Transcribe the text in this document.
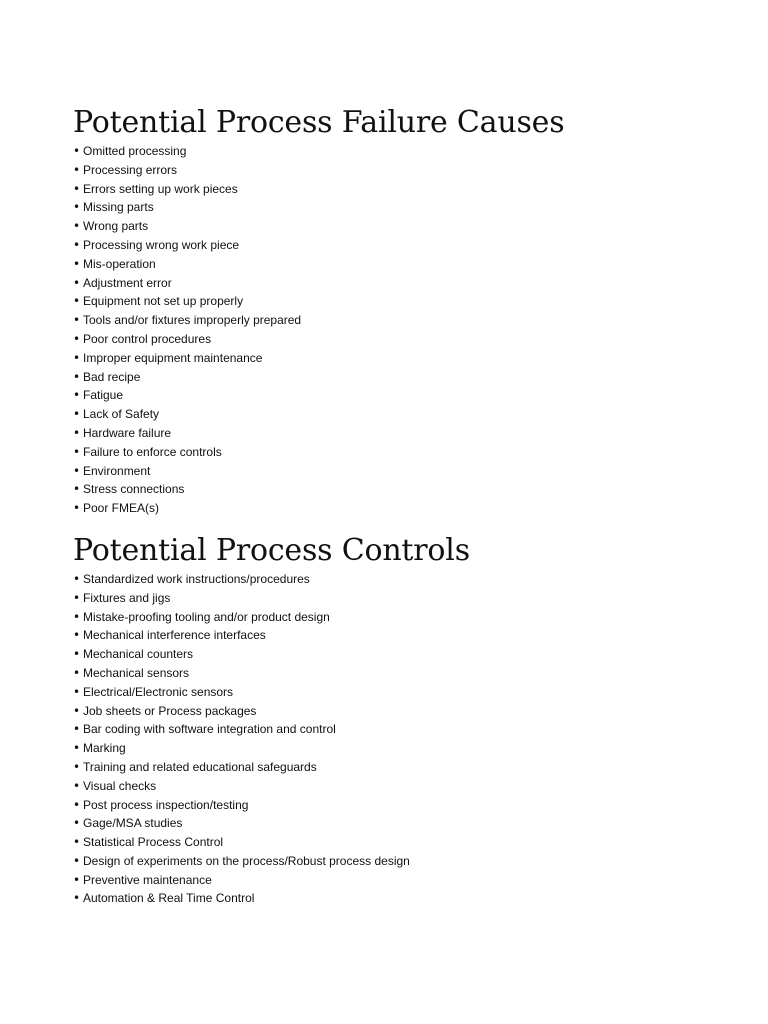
Potential Process Failure Causes
• Omitted processing
• Processing errors
• Errors setting up work pieces
• Missing parts
• Wrong parts
• Processing wrong work piece
• Mis-operation
• Adjustment error
• Equipment not set up properly
• Tools and/or fixtures improperly prepared
• Poor control procedures
• Improper equipment maintenance
• Bad recipe
• Fatigue
• Lack of Safety
• Hardware failure
• Failure to enforce controls
• Environment
• Stress connections
• Poor FMEA(s)
Potential Process Controls
• Standardized work instructions/procedures
• Fixtures and jigs
• Mistake-proofing tooling and/or product design
• Mechanical interference interfaces
• Mechanical counters
• Mechanical sensors
• Electrical/Electronic sensors
• Job sheets or Process packages
• Bar coding with software integration and control
• Marking
• Training and related educational safeguards
• Visual checks
• Post process inspection/testing
• Gage/MSA studies
• Statistical Process Control
• Design of experiments on the process/Robust process design
• Preventive maintenance
• Automation & Real Time Control
